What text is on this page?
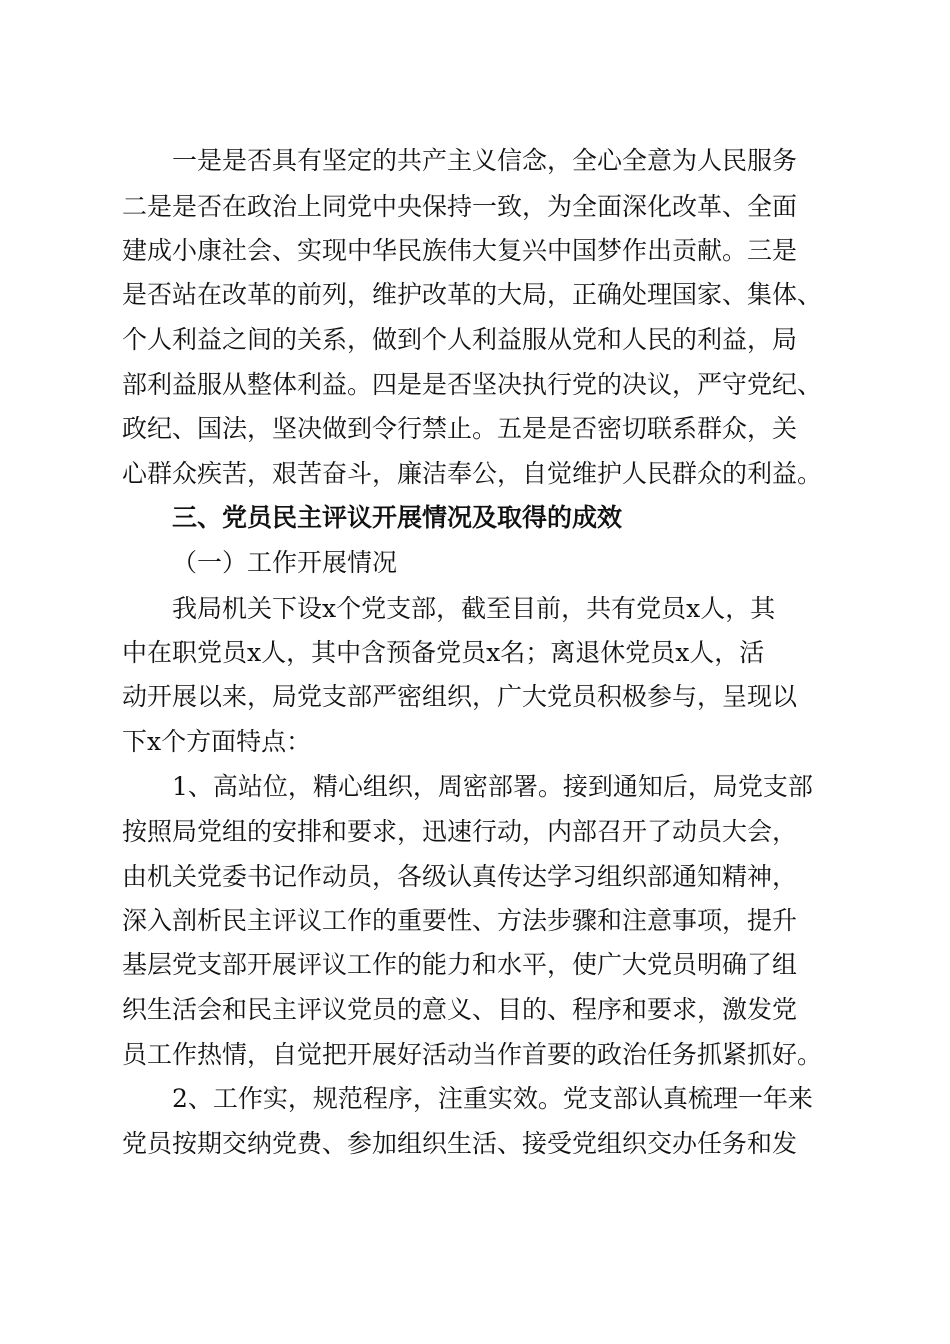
一是是否具有坚定的共产主义信念，全心全意为人民服务

二是是否在政治上同党中央保持一致，为全面深化改革、全面

建成小康社会、实现中华民族伟大复兴中国梦作出贡献。三是

是否站在改革的前列，维护改革的大局，正确处理国家、集体、

个人利益之间的关系，做到个人利益服从党和人民的利益，局

部利益服从整体利益。四是是否坚决执行党的决议，严守党纪、

政纪、国法，坚决做到令行禁止。五是是否密切联系群众，关

心群众疾苦，艰苦奋斗，廉洁奉公，自觉维护人民群众的利益。

三、党员民主评议开展情况及取得的成效

（一）工作开展情况

我局机关下设x个党支部，截至目前，共有党员x人，其

中在职党员x人，其中含预备党员x名；离退休党员x人，活

动开展以来，局党支部严密组织，广大党员积极参与，呈现以

下x个方面特点：

1、高站位，精心组织，周密部署。接到通知后，局党支部

按照局党组的安排和要求，迅速行动，内部召开了动员大会，

由机关党委书记作动员，各级认真传达学习组织部通知精神，

深入剖析民主评议工作的重要性、方法步骤和注意事项，提升

基层党支部开展评议工作的能力和水平，使广大党员明确了组

织生活会和民主评议党员的意义、目的、程序和要求，激发党

员工作热情，自觉把开展好活动当作首要的政治任务抓紧抓好。

2、工作实，规范程序，注重实效。党支部认真梳理一年来

党员按期交纳党费、参加组织生活、接受党组织交办任务和发
